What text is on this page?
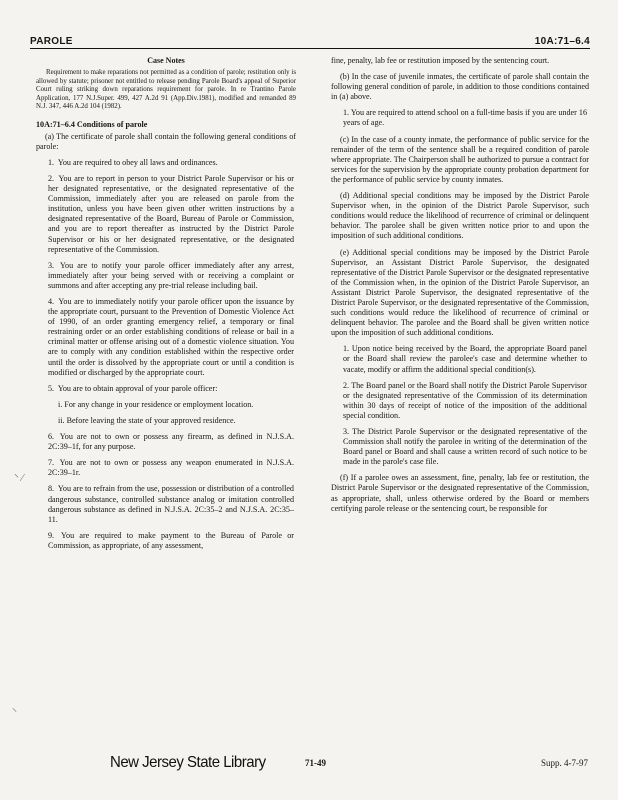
PAROLE	10A:71–6.4

Case Notes

Requirement to make reparations not permitted as a condition of parole; restitution only is allowed by statute; prisoner not entitled to release pending Parole Board's appeal of Superior Court ruling striking down reparations requirement for parole. In re Trantino Parole Application, 177 N.J.Super. 499, 427 A.2d 91 (App.Div.1981), modified and remanded 89 N.J. 347, 446 A.2d 104 (1982).

10A:71–6.4 Conditions of parole

(a) The certificate of parole shall contain the following general conditions of parole:

1. You are required to obey all laws and ordinances.

2. You are to report in person to your District Parole Supervisor or his or her designated representative, or the designated representative of the Commission, immediately after you are released on parole from the institution, unless you have been given other written instructions by a designated representative of the Board, Bureau of Parole or Commission, and you are to report thereafter as instructed by the District Parole Supervisor or his or her designated representative, or the designated representative of the Commission.

3. You are to notify your parole officer immediately after any arrest, immediately after your being served with or receiving a complaint or summons and after accepting any pre-trial release including bail.

4. You are to immediately notify your parole officer upon the issuance by the appropriate court, pursuant to the Prevention of Domestic Violence Act of 1990, of an order granting emergency relief, a temporary or final restraining order or an order establishing conditions of release or bail in a criminal matter or offense arising out of a domestic violence situation. You are to comply with any condition established within the respective order until the order is dissolved by the appropriate court or until a condition is modified or discharged by the appropriate court.

5. You are to obtain approval of your parole officer:

i. For any change in your residence or employment location.

ii. Before leaving the state of your approved residence.

6. You are not to own or possess any firearm, as defined in N.J.S.A. 2C:39–1f, for any purpose.

7. You are not to own or possess any weapon enumerated in N.J.S.A. 2C:39–1r.

8. You are to refrain from the use, possession or distribution of a controlled dangerous substance, controlled substance analog or imitation controlled dangerous substance as defined in N.J.S.A. 2C:35–2 and N.J.S.A. 2C:35–11.

9. You are required to make payment to the Bureau of Parole or Commission, as appropriate, of any assessment,

fine, penalty, lab fee or restitution imposed by the sentencing court.

(b) In the case of juvenile inmates, the certificate of parole shall contain the following general condition of parole, in addition to those conditions contained in (a) above.

1. You are required to attend school on a full-time basis if you are under 16 years of age.

(c) In the case of a county inmate, the performance of public service for the remainder of the term of the sentence shall be a required condition of parole where appropriate. The Chairperson shall be authorized to pursue a contract for services for the supervision by the appropriate county probation department for the performance of public service by county inmates.

(d) Additional special conditions may be imposed by the District Parole Supervisor when, in the opinion of the District Parole Supervisor, such conditions would reduce the likelihood of recurrence of criminal or delinquent behavior. The parolee shall be given written notice prior to and upon the imposition of such additional conditions.

(e) Additional special conditions may be imposed by the District Parole Supervisor, an Assistant District Parole Supervisor, the designated representative of the District Parole Supervisor or the designated representative of the Commission when, in the opinion of the District Parole Supervisor, an Assistant District Parole Supervisor, the designated representative of the District Parole Supervisor, or the designated representative of the Commission, such conditions would reduce the likelihood of recurrence of criminal or delinquent behavior. The parolee and the Board shall be given written notice upon the imposition of such additional conditions.

1. Upon notice being received by the Board, the appropriate Board panel or the Board shall review the parolee's case and determine whether to vacate, modify or affirm the additional special condition(s).

2. The Board panel or the Board shall notify the District Parole Supervisor or the designated representative of the Commission of its determination within 30 days of receipt of notice of the imposition of the additional special condition.

3. The District Parole Supervisor or the designated representative of the Commission shall notify the parolee in writing of the determination of the Board panel or Board and shall cause a written record of such notice to be made in the parole's case file.

(f) If a parolee owes an assessment, fine, penalty, lab fee or restitution, the District Parole Supervisor or the designated representative of the Commission, as appropriate, shall, unless otherwise ordered by the Board or members certifying parole release or the sentencing court, be responsible for

⸌ ⁄
⸜
New Jersey State Library	71-49	Supp. 4-7-97
